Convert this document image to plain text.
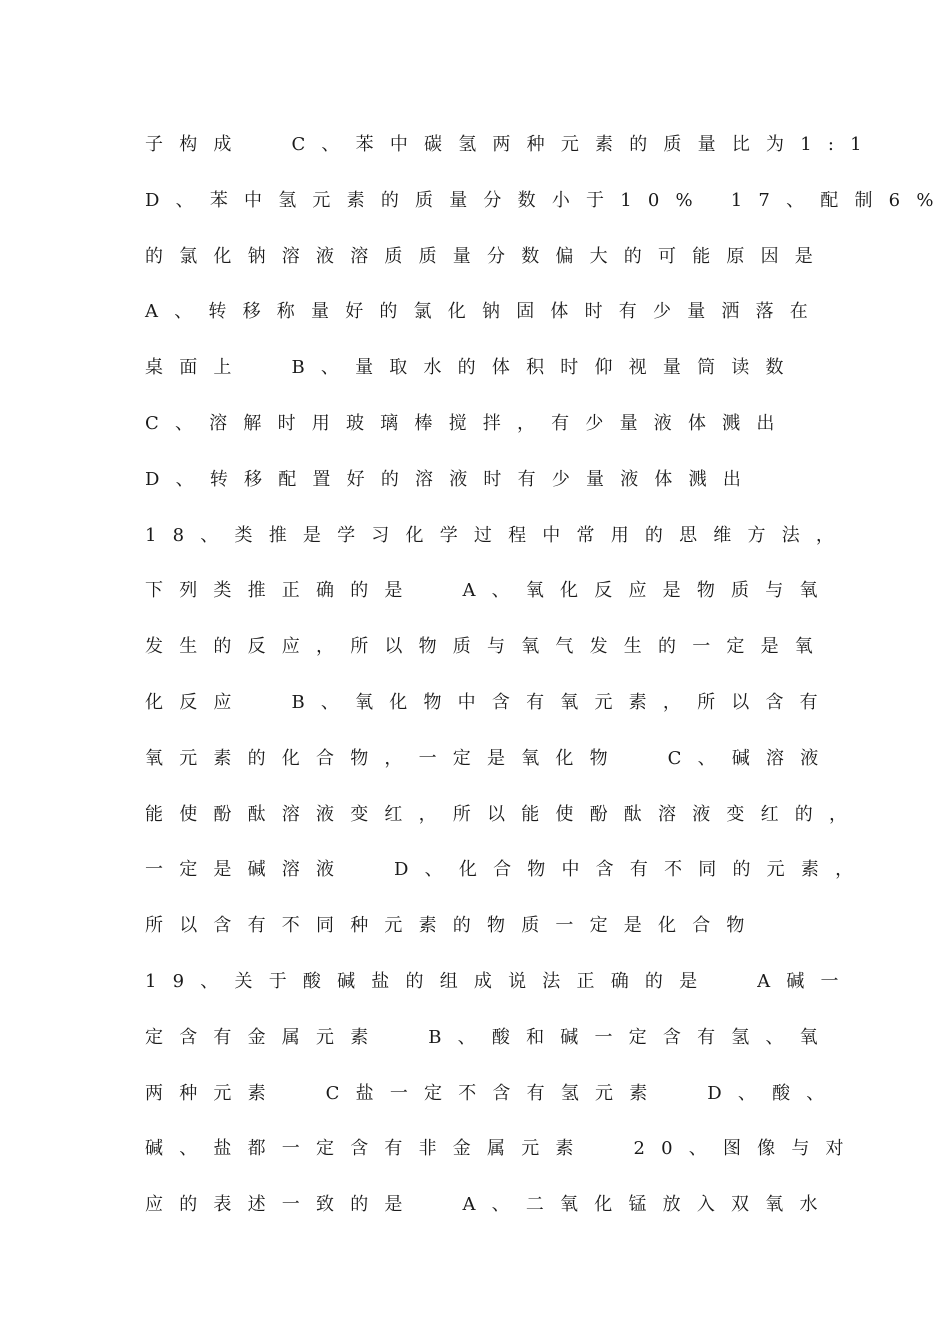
子构成  C、苯中碳氢两种元素的质量比为1:1
D、苯中氢元素的质量分数小于10% 17、配制6%
的氯化钠溶液溶质质量分数偏大的可能原因是
A、转移称量好的氯化钠固体时有少量洒落在
桌面上  B、量取水的体积时仰视量筒读数
C、溶解时用玻璃棒搅拌，有少量液体溅出
D、转移配置好的溶液时有少量液体溅出
18、类推是学习化学过程中常用的思维方法，
下列类推正确的是  A、氧化反应是物质与氧
发生的反应，所以物质与氧气发生的一定是氧
化反应  B、氧化物中含有氧元素，所以含有
氧元素的化合物，一定是氧化物  C、碱溶液
能使酚酞溶液变红，所以能使酚酞溶液变红的，
一定是碱溶液  D、化合物中含有不同的元素，
所以含有不同种元素的物质一定是化合物
19、关于酸碱盐的组成说法正确的是  A碱一
定含有金属元素  B、酸和碱一定含有氢、氧
两种元素  C盐一定不含有氢元素  D、酸、
碱、盐都一定含有非金属元素  20、图像与对
应的表述一致的是  A、二氧化锰放入双氧水
